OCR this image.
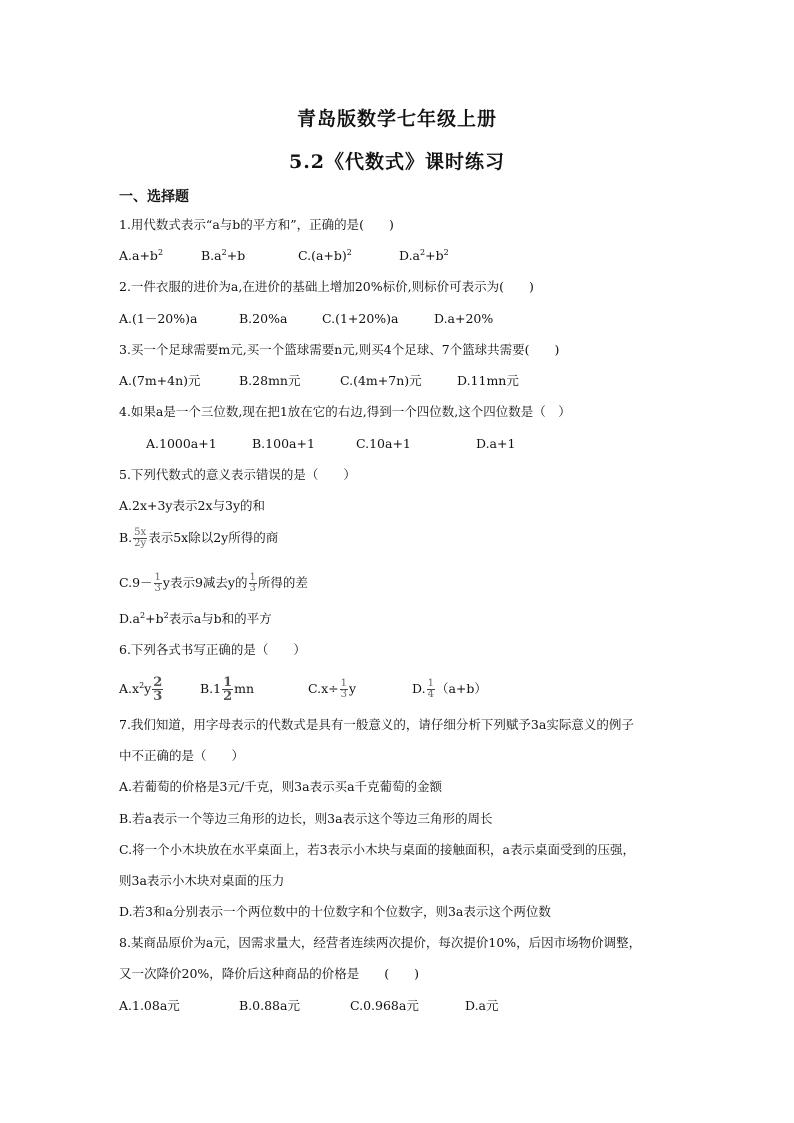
青岛版数学七年级上册
5.2《代数式》课时练习
一、选择题
1.用代数式表示“a与b的平方和”，正确的是(　　)
$A.a+b^2$	$B.a^2+b$	$C.(a+b)^2$	$D.a^2+b^2$
2.一件衣服的进价为a,在进价的基础上增加20%标价,则标价可表示为(　　)
A.(1－20%)a	B.20%a	C.(1+20%)a	D.a+20%
3.买一个足球需要m元,买一个篮球需要n元,则买4个足球、7个篮球共需要(　　)
A.(7m+4n)元	B.28mn元	C.(4m+7n)元	D.11mn元
4.如果a是一个三位数,现在把1放在它的右边,得到一个四位数,这个四位数是（　）
A.1000a+1	B.100a+1	C.10a+1	D.a+1
5.下列代数式的意义表示错误的是（　　）
A.2x+3y表示2x与3y的和
B. $\frac{5x}{2y}$ 表示5x除以2y所得的商
$C.9- \frac{1}{3}$ y表示9减去y的 $\frac{1}{3}$ 所得的差
$D.a^2+b^2$表示a与b和的平方
6.下列各式书写正确的是（　　）
$A.x^2y \frac{2}{3}$	$B.1 \frac{1}{2}$ mn	$C.x\div \frac{1}{3}$ y	D. $\frac{1}{4} (a+b)$
7.我们知道，用字母表示的代数式是具有一般意义的，请仔细分析下列赋予3a实际意义的例子
中不正确的是（　　）
A.若葡萄的价格是3元/千克，则3a表示买a千克葡萄的金额
B.若a表示一个等边三角形的边长，则3a表示这个等边三角形的周长
C.将一个小木块放在水平桌面上，若3表示小木块与桌面的接触面积，a表示桌面受到的压强，
则3a表示小木块对桌面的压力
D.若3和a分别表示一个两位数中的十位数字和个位数字，则3a表示这个两位数
8.某商品原价为a元，因需求量大，经营者连续两次提价，每次提价10%，后因市场物价调整，
又一次降价20%，降价后这种商品的价格是　　(　　)
A.1.08a元	B.0.88a元	C.0.968a元	D.a元
